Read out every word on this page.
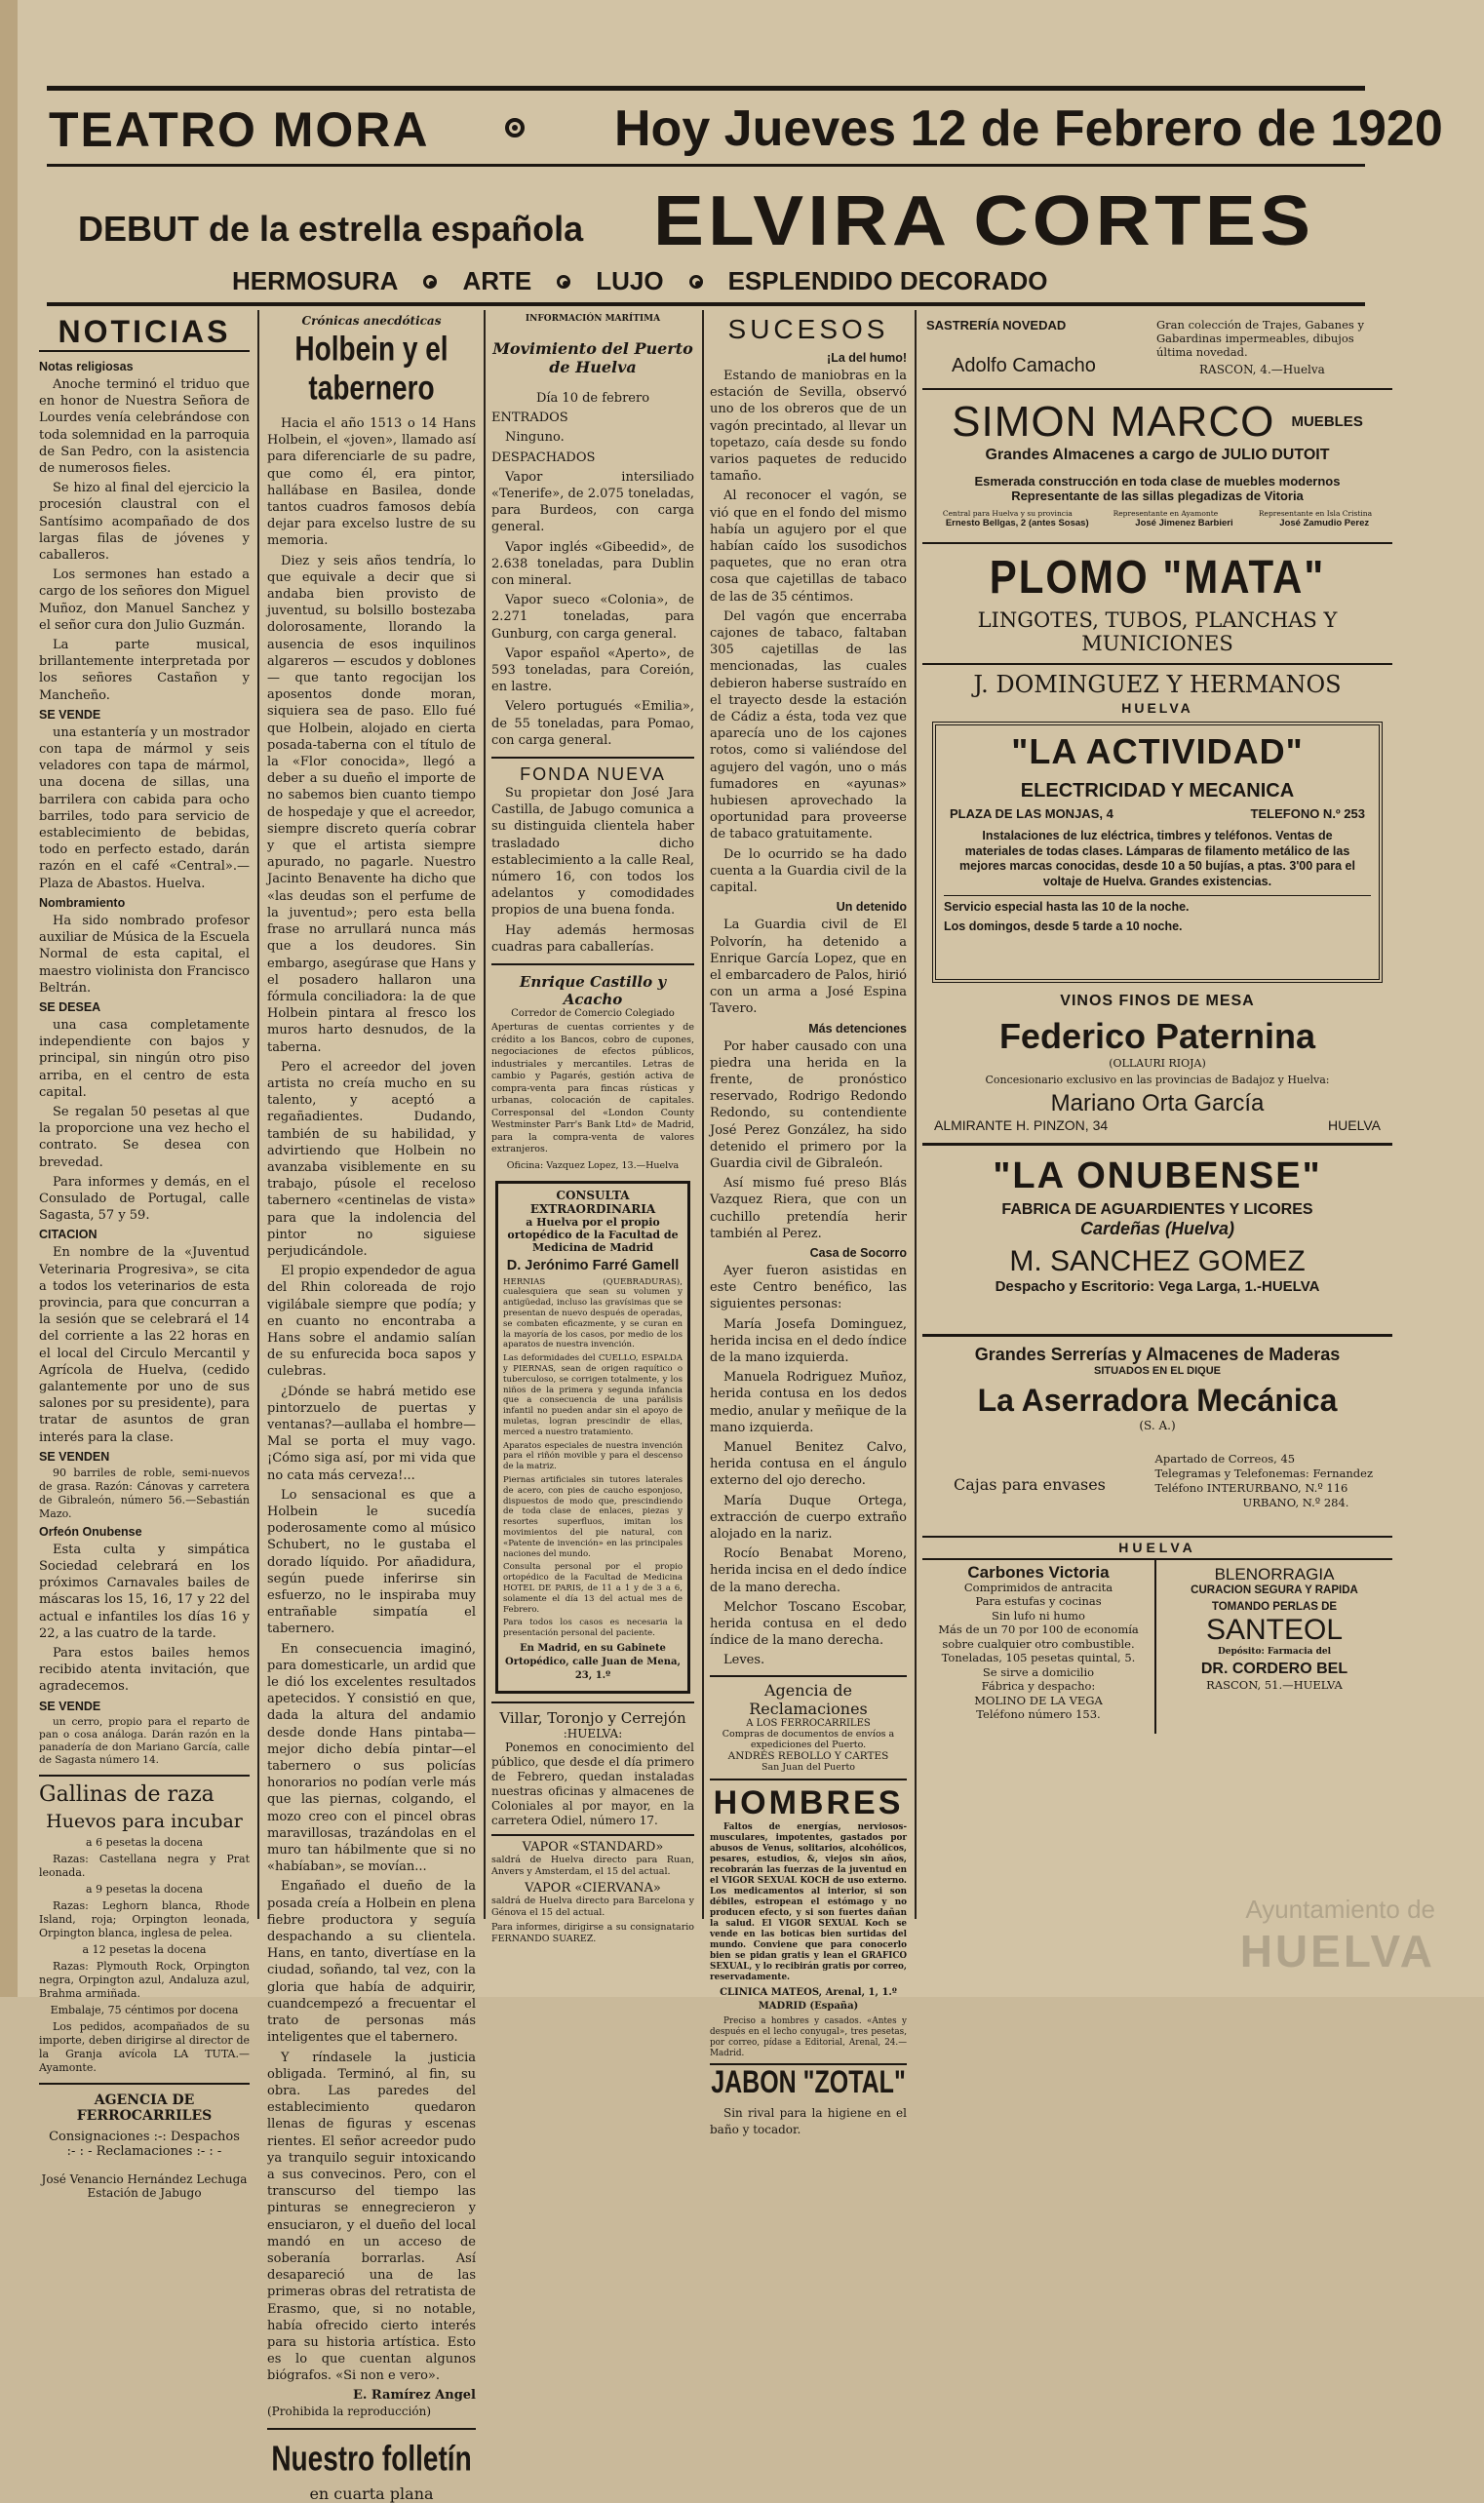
TEATRO MORA	Hoy Jueves 12 de Febrero de 1920
DEBUT de la estrella española ELVIRA CORTES
HERMOSURA	ARTE	LUJO	ESPLENDIDO DECORADO
NOTICIAS
Notas religiosas

Anoche terminó el triduo que en honor de Nuestra Señora de Lourdes venía celebrándose con toda solemnidad en la parroquia de San Pedro, con la asistencia de numerosos fieles.

Se hizo al final del ejercicio la procesión claustral con el Santísimo acompañado de dos largas filas de jóvenes y caballeros.

Los sermones han estado a cargo de los señores don Miguel Muñoz, don Manuel Sanchez y el señor cura don Julio Guzmán.

La parte musical, brillantemente interpretada por los señores Castañon y Mancheño.

SE VENDE

una estantería y un mostrador con tapa de mármol y seis veladores con tapa de mármol, una docena de sillas, una barrilera con cabida para ocho barriles, todo para servicio de establecimiento de bebidas, todo en perfecto estado, darán razón en el café «Central».—Plaza de Abastos. Huelva.

Nombramiento

Ha sido nombrado profesor auxiliar de Música de la Escuela Normal de esta capital, el maestro violinista don Francisco Beltrán.

SE DESEA

una casa completamente independiente con bajos y principal, sin ningún otro piso arriba, en el centro de esta capital.

Se regalan 50 pesetas al que la proporcione una vez hecho el contrato. Se desea con brevedad.

Para informes y demás, en el Consulado de Portugal, calle Sagasta, 57 y 59.

CITACION

En nombre de la «Juventud Veterinaria Progresiva», se cita a todos los veterinarios de esta provincia, para que concurran a la sesión que se celebrará el 14 del corriente a las 22 horas en el local del Circulo Mercantil y Agrícola de Huelva, (cedido galantemente por uno de sus salones por su presidente), para tratar de asuntos de gran interés para la clase.

SE VENDEN

90 barriles de roble, semi-nuevos de grasa. Razón: Cánovas y carretera de Gibraleón, número 56.—Sebastián Mazo.

Orfeón Onubense

Esta culta y simpática Sociedad celebrará en los próximos Carnavales bailes de máscaras los 15, 16, 17 y 22 del actual e infantiles los días 16 y 22, a las cuatro de la tarde.

Para estos bailes hemos recibido atenta invitación, que agradecemos.

SE VENDE

un cerro, propio para el reparto de pan o cosa análoga. Darán razón en la panadería de don Mariano García, calle de Sagasta número 14.

Gallinas de raza
Huevos para incubar

a 6 pesetas la docena

Razas: Castellana negra y Prat leonada.

a 9 pesetas la docena

Razas: Leghorn blanca, Rhode Island, roja; Orpington leonada, Orpington blanca, inglesa de pelea.

a 12 pesetas la docena

Razas: Plymouth Rock, Orpington negra, Orpington azul, Andaluza azul, Brahma armiñada.

Embalaje, 75 céntimos por docena

Los pedidos, acompañados de su importe, deben dirigirse al director de la Granja avícola LA TUTA.—Ayamonte.

AGENCIA DE FERROCARRILES
Consignaciones :-: Despachos
:- : - Reclamaciones :- : -
José Venancio Hernández Lechuga
Estación de Jabugo
Crónicas anecdóticas
Holbein y el tabernero

Hacia el año 1513 o 14 Hans Holbein, el «joven», llamado así para diferenciarle de su padre, que como él, era pintor, hallábase en Basilea, donde tantos cuadros famosos debía dejar para excelso lustre de su memoria.

Diez y seis años tendría, lo que equivale a decir que si andaba bien provisto de juventud, su bolsillo bostezaba dolorosamente, llorando la ausencia de esos inquilinos algareros — escudos y doblones — que tanto regocijan los aposentos donde moran, siquiera sea de paso. Ello fué que Holbein, alojado en cierta posada-taberna con el título de la «Flor conocida», llegó a deber a su dueño el importe de no sabemos bien cuanto tiempo de hospedaje y que el acreedor, siempre discreto quería cobrar y que el artista siempre apurado, no pagarle. Nuestro Jacinto Benavente ha dicho que «las deudas son el perfume de la juventud»; pero esta bella frase no arrullará nunca más que a los deudores. Sin embargo, asegúrase que Hans y el posadero hallaron una fórmula conciliadora: la de que Holbein pintara al fresco los muros harto desnudos, de la taberna.

Pero el acreedor del joven artista no creía mucho en su talento, y aceptó a regañadientes. Dudando, también de su habilidad, y advirtiendo que Holbein no avanzaba visiblemente en su trabajo, púsole el receloso tabernero «centinelas de vista» para que la indolencia del pintor no siguiese perjudicándole.

El propio expendedor de agua del Rhin coloreada de rojo vigilábale siempre que podía; y en cuanto no encontraba a Hans sobre el andamio salían de su enfurecida boca sapos y culebras.

¿Dónde se habrá metido ese pintorzuelo de puertas y ventanas?—aullaba el hombre—Mal se porta el muy vago. ¡Cómo siga así, por mi vida que no cata más cerveza!...

Lo sensacional es que a Holbein le sucedía poderosamente como al músico Schubert, no le gustaba el dorado líquido. Por añadidura, según puede inferirse sin esfuerzo, no le inspiraba muy entrañable simpatía el tabernero.

En consecuencia imaginó, para domesticarle, un ardid que le dió los excelentes resultados apetecidos. Y consistió en que, dada la altura del andamio desde donde Hans pintaba—mejor dicho debía pintar—el tabernero o sus policías honorarios no podían verle más que las piernas, colgando, el mozo creo con el pincel obras maravillosas, trazándolas en el muro tan hábilmente que si no «habíaban», se movían...

Engañado el dueño de la posada creía a Holbein en plena fiebre productora y seguía despachando a su clientela. Hans, en tanto, divertíase en la ciudad, soñando, tal vez, con la gloria que había de adquirir, cuandcempezó a frecuentar el trato de personas más inteligentes que el tabernero.

Y ríndasele la justicia obligada. Terminó, al fin, su obra. Las paredes del establecimiento quedaron llenas de figuras y escenas rientes. El señor acreedor pudo ya tranquilo seguir intoxicando a sus convecinos. Pero, con el transcurso del tiempo las pinturas se ennegrecieron y ensuciaron, y el dueño del local mandó en un acceso de soberanía borrarlas. Así desapareció una de las primeras obras del retratista de Erasmo, que, si no notable, había ofrecido cierto interés para su historia artística. Esto es lo que cuentan algunos biógrafos. «Si non e vero».

E. Ramírez Angel
(Prohibida la reproducción)
Nuestro folletín
en cuarta plana
INFORMACIÓN MARÍTIMA
Movimiento del Puerto de Huelva

Día 10 de febrero

ENTRADOS

Ninguno.

DESPACHADOS

Vapor intersiliado «Tenerife», de 2.075 toneladas, para Burdeos, con carga general.

Vapor inglés «Gibeedid», de 2.638 toneladas, para Dublin con mineral.

Vapor sueco «Colonia», de 2.271 toneladas, para Gunburg, con carga general.

Vapor español «Aperto», de 593 toneladas, para Coreión, en lastre.

Velero portugués «Emilia», de 55 toneladas, para Pomao, con carga general.

FONDA NUEVA

Su propietar don José Jara Castilla, de Jabugo comunica a su distinguida clientela haber trasladado dicho establecimiento a la calle Real, número 16, con todos los adelantos y comodidades propios de una buena fonda.

Hay además hermosas cuadras para caballerías.

Enrique Castillo y Acacho
Corredor de Comercio Colegiado

Aperturas de cuentas corrientes y de crédito a los Bancos, cobro de cupones, negociaciones de efectos públicos, industriales y mercantiles. Letras de cambio y Pagarés, gestión activa de compra-venta para fincas rústicas y urbanas, colocación de capitales. Corresponsal del «London County Westminster Parr's Bank Ltd» de Madrid, para la compra-venta de valores extranjeros.

Oficina: Vazquez Lopez, 13.—Huelva

CONSULTA EXTRAORDINARIA
a Huelva por el propio ortopédico de la Facultad de Medicina de Madrid
D. Jerónimo Farré Gamell

HERNIAS (QUEBRADURAS), cualesquiera que sean su volumen y antigüedad, incluso las gravísimas que se presentan de nuevo después de operadas, se combaten eficazmente, y se curan en la mayoría de los casos, por medio de los aparatos de nuestra invención.

Las deformidades del CUELLO, ESPALDA y PIERNAS, sean de origen raquítico o tuberculoso, se corrigen totalmente, y los niños de la primera y segunda infancia que a consecuencia de una parálisis infantil no pueden andar sin el apoyo de muletas, logran prescindir de ellas, merced a nuestro tratamiento.

Aparatos especiales de nuestra invención para el riñón movible y para el descenso de la matriz.

Piernas artificiales sin tutores laterales de acero, con pies de caucho esponjoso, dispuestos de modo que, prescindiendo de toda clase de enlaces, piezas y resortes superfluos, imitan los movimientos del pie natural, con «Patente de invención» en las principales naciones del mundo.

Consulta personal por el propio ortopédico de la Facultad de Medicina HOTEL DE PARIS, de 11 a 1 y de 3 a 6, solamente el día 13 del actual mes de Febrero.

Para todos los casos es necesaria la presentación personal del paciente.

En Madrid, en su Gabinete Ortopédico, calle Juan de Mena, 23, 1.º

Villar, Toronjo y Cerrejón
:HUELVA:

Ponemos en conocimiento del público, que desde el día primero de Febrero, quedan instaladas nuestras oficinas y almacenes de Coloniales al por mayor, en la carretera Odiel, número 17.

VAPOR «STANDARD»

saldrá de Huelva directo para Ruan, Anvers y Amsterdam, el 15 del actual.

VAPOR «CIERVANA»

saldrá de Huelva directo para Barcelona y Génova el 15 del actual.

Para informes, dirigirse a su consignatario FERNANDO SUAREZ.

SUCESOS
¡La del humo!

Estando de maniobras en la estación de Sevilla, observó uno de los obreros que de un vagón precintado, al llevar un topetazo, caía desde su fondo varios paquetes de reducido tamaño.

Al reconocer el vagón, se vió que en el fondo del mismo había un agujero por el que habían caído los susodichos paquetes, que no eran otra cosa que cajetillas de tabaco de las de 35 céntimos.

Del vagón que encerraba cajones de tabaco, faltaban 305 cajetillas de las mencionadas, las cuales debieron haberse sustraído en el trayecto desde la estación de Cádiz a ésta, toda vez que aparecía uno de los cajones rotos, como si valiéndose del agujero del vagón, uno o más fumadores en «ayunas» hubiesen aprovechado la oportunidad para proveerse de tabaco gratuitamente.

De lo ocurrido se ha dado cuenta a la Guardia civil de la capital.

Un detenido

La Guardia civil de El Polvorín, ha detenido a Enrique García Lopez, que en el embarcadero de Palos, hirió con un arma a José Espina Tavero.

Más detenciones

Por haber causado con una piedra una herida en la frente, de pronóstico reservado, Rodrigo Redondo Redondo, su contendiente José Perez González, ha sido detenido el primero por la Guardia civil de Gibraleón.

Así mismo fué preso Blás Vazquez Riera, que con un cuchillo pretendía herir también al Perez.

Casa de Socorro

Ayer fueron asistidas en este Centro benéfico, las siguientes personas:

María Josefa Dominguez, herida incisa en el dedo índice de la mano izquierda.

Manuela Rodriguez Muñoz, herida contusa en los dedos medio, anular y meñique de la mano izquierda.

Manuel Benitez Calvo, herida contusa en el ángulo externo del ojo derecho.

María Duque Ortega, extracción de cuerpo extraño alojado en la nariz.

Rocío Benabat Moreno, herida incisa en el dedo índice de la mano derecha.

Melchor Toscano Escobar, herida contusa en el dedo índice de la mano derecha.

Leves.

Agencia de Reclamaciones
A LOS FERROCARRILES
Compras de documentos de envíos a expediciones del Puerto.
ANDRÉS REBOLLO Y CARTES
San Juan del Puerto
HOMBRES

Faltos de energías, nerviosos-musculares, impotentes, gastados por abusos de Venus, solitarios, alcohólicos, pesares, estudios, &, viejos sin años, recobrarán las fuerzas de la juventud en el VIGOR SEXUAL KOCH de uso externo. Los medicamentos al interior, si son débiles, estropean el estómago y no producen efecto, y si son fuertes dañan la salud. El VIGOR SEXUAL Koch se vende en las boticas bien surtidas del mundo. Conviene que para conocerlo bien se pidan gratis y lean el GRAFICO SEXUAL, y lo recibirán gratis por correo, reservadamente.

CLINICA MATEOS, Arenal, 1, 1.º MADRID (España)

Preciso a hombres y casados. «Antes y después en el lecho conyugal», tres pesetas, por correo, pídase a Editorial, Arenal, 24.—Madrid.

JABON "ZOTAL"

Sin rival para la higiene en el baño y tocador.

SASTRERÍA NOVEDAD
Adolfo Camacho
Gran colección de Trajes, Gabanes y Gabardinas impermeables, dibujos última novedad.
RASCON, 4.—Huelva
SIMON MARCO MUEBLES
Grandes Almacenes a cargo de JULIO DUTOIT
Esmerada construcción en toda clase de muebles modernos
Representante de las sillas plegadizas de Vitoria
Central para Huelva y su provincia	Representante en Ayamonte	Representante en Isla Cristina
Ernesto Bellgas, 2 (antes Sosas)	José Jimenez Barbieri	José Zamudio Perez
PLOMO "MATA"
LINGOTES, TUBOS, PLANCHAS Y MUNICIONES
J. DOMINGUEZ Y HERMANOS
HUELVA
"LA ACTIVIDAD"
ELECTRICIDAD Y MECANICA
PLAZA DE LAS MONJAS, 4	TELEFONO N.º 253
Instalaciones de luz eléctrica, timbres y teléfonos. Ventas de materiales de todas clases. Lámparas de filamento metálico de las mejores marcas conocidas, desde 10 a 50 bujías, a ptas. 3'00 para el voltaje de Huelva. Grandes existencias.
Servicio especial hasta las 10 de la noche.
Los domingos, desde 5 tarde a 10 noche.
VINOS FINOS DE MESA
Federico Paternina
(OLLAURI RIOJA)
Concesionario exclusivo en las provincias de Badajoz y Huelva:
Mariano Orta García
ALMIRANTE H. PINZON, 34	HUELVA
"LA ONUBENSE"
FABRICA DE AGUARDIENTES Y LICORES
Cardeñas (Huelva)
M. SANCHEZ GOMEZ
Despacho y Escritorio: Vega Larga, 1.-HUELVA
Grandes Serrerías y Almacenes de Maderas
SITUADOS EN EL DIQUE
La Aserradora Mecánica
(S. A.)
Cajas para envases
Apartado de Correos, 45
Telegramas y Telefonemas: Fernandez
Teléfono INTERURBANO, N.º 116
URBANO, N.º 284.
HUELVA
Carbones Victoria
Comprimidos de antracita
Para estufas y cocinas
Sin lufo ni humo
Más de un 70 por 100 de economía sobre cualquier otro combustible.
Toneladas, 105 pesetas quintal, 5.
Se sirve a domicilio
Fábrica y despacho:
MOLINO DE LA VEGA
Teléfono número 153.
BLENORRAGIA
CURACION SEGURA Y RAPIDA
TOMANDO PERLAS DE
SANTEOL
Depósito: Farmacia del
DR. CORDERO BEL
RASCON, 51.—HUELVA
Ayuntamiento de
HUELVA
